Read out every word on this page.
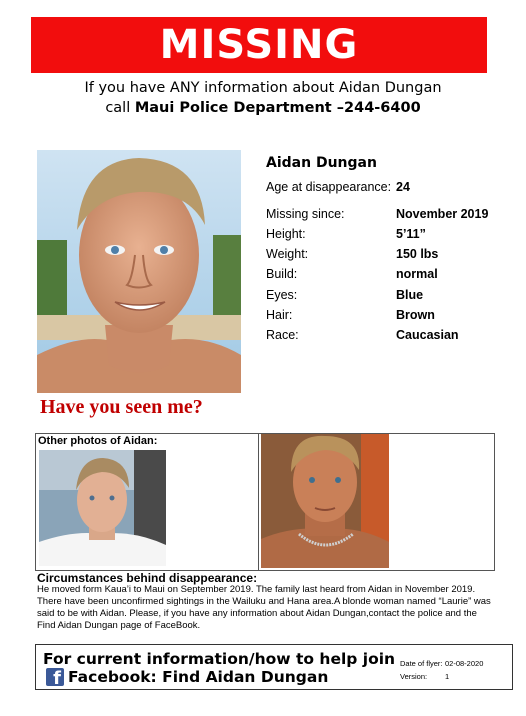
MISSING
If you have ANY information about Aidan Dungan
call Maui Police Department –244-6400
Have you seen me?
Aidan Dungan
Age at disappearance: 24
Missing since:	November 2019
Height:	5’11”
Weight:	150 lbs
Build:	normal
Eyes:	Blue
Hair:	Brown
Race:	Caucasian
Other photos of Aidan:
Circumstances behind disappearance:
He moved form Kaua’i to Maui on September 2019. The family last heard from Aidan in November 2019. There have been unconfirmed sightings in the Wailuku and Hana area.A blonde woman named “Laurie” was said to be with Aidan. Please, if you have any information about Aidan Dungan,contact the police and the Find Aidan Dungan page of FaceBook.
For current information/how to help join
f Facebook: Find Aidan Dungan
Date of flyer: 02-08-2020
Version: 1
